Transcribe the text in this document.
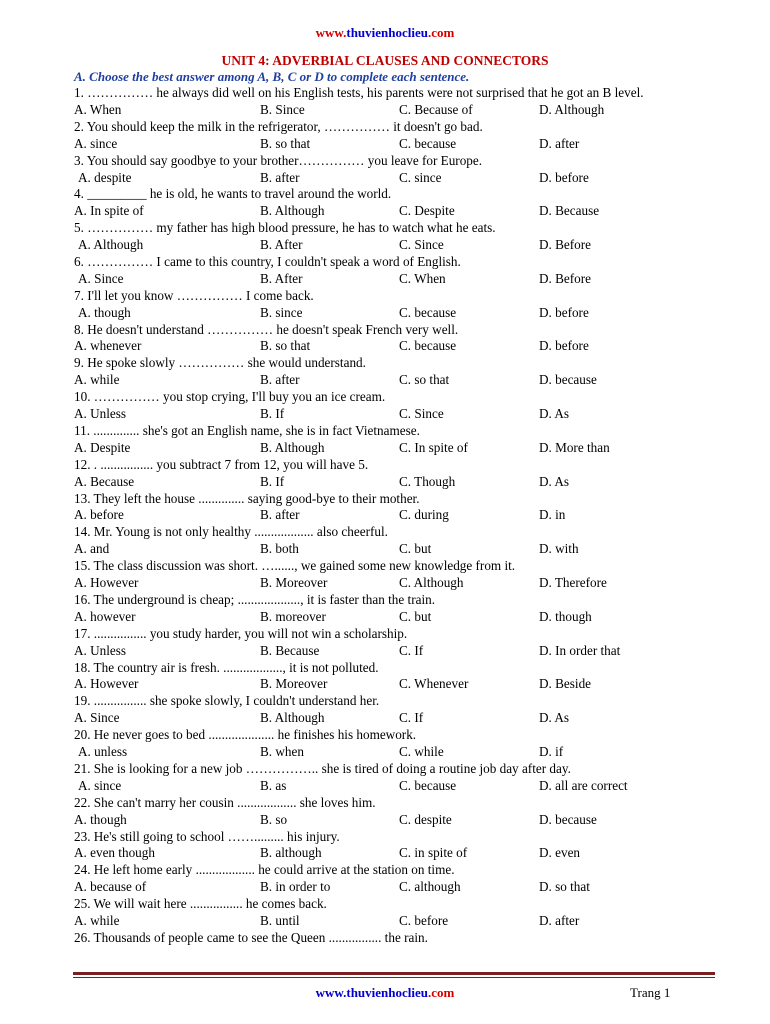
www.thuvienhoclieu.com
UNIT 4: ADVERBIAL CLAUSES AND CONNECTORS
A. Choose the best answer among A, B, C or D to complete each sentence.
1. …………… he always did well on his English tests, his parents were not surprised that he got an B level.
A. When	B. Since	C. Because of	D. Although
2. You should keep the milk in the refrigerator, …………… it doesn't go bad.
A. since	B. so that	C. because	D. after
3. You should say goodbye to your brother…………… you leave for Europe.
A. despite	B. after	C. since	D. before
4. _________ he is old, he wants to travel around the world.
A. In spite of	B. Although	C. Despite	D. Because
5. …………… my father has high blood pressure, he has to watch what he eats.
A. Although	B. After	C. Since	D. Before
6. …………… I came to this country, I couldn't speak a word of English.
A. Since	B. After	C. When	D. Before
7. I'll let you know …………… I come back.
A. though	B. since	C. because	D. before
8. He doesn't understand …………… he doesn't speak French very well.
A. whenever	B. so that	C. because	D. before
9. He spoke slowly …………… she would understand.
A. while	B. after	C. so that	D. because
10. …………… you stop crying, I'll buy you an ice cream.
A. Unless	B. If	C. Since	D. As
11. .............. she's got an English name, she is in fact Vietnamese.
A. Despite	B. Although	C. In spite of	D. More than
12. . ................ you subtract 7 from 12, you will have 5.
A. Because	B. If	C. Though	D. As
13. They left the house .............. saying good-bye to their mother.
A. before	B. after	C. during	D. in
14. Mr. Young is not only healthy .................. also cheerful.
A. and	B. both	C. but	D. with
15. The class discussion was short. …......, we gained some new knowledge from it.
A. However	B. Moreover	C. Although	D. Therefore
16. The underground is cheap; ..................., it is faster than the train.
A. however	B. moreover	C. but	D. though
17. ................ you study harder, you will not win a scholarship.
A. Unless	B. Because	C. If	D. In order that
18. The country air is fresh. .................., it is not polluted.
A. However	B. Moreover	C. Whenever	D. Beside
19. ................ she spoke slowly, I couldn't understand her.
A. Since	B. Although	C. If	D. As
20. He never goes to bed .................... he finishes his homework.
A. unless	B. when	C. while	D. if
21. She is looking for a new job …………….. she is tired of doing a routine job day after day.
A. since	B. as	C. because	D. all are correct
22. She can't marry her cousin .................. she loves him.
A. though	B. so	C. despite	D. because
23. He's still going to school ……......... his injury.
A. even though	B. although	C. in spite of	D. even
24. He left home early .................. he could arrive at the station on time.
A. because of	B. in order to	C. although	D. so that
25. We will wait here ................ he comes back.
A. while	B. until	C. before	D. after
26. Thousands of people came to see the Queen ................ the rain.
www.thuvienhoclieu.com	Trang 1
